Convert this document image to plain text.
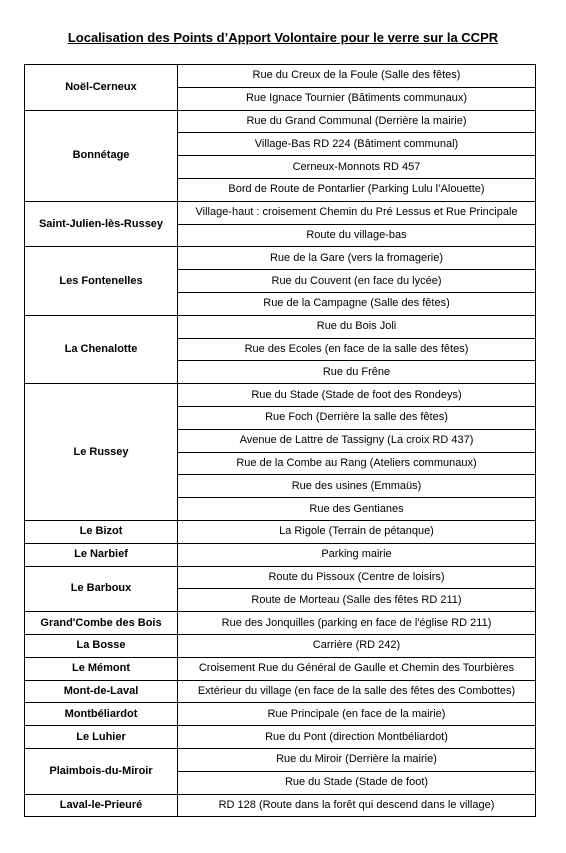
Localisation des Points d’Apport Volontaire pour le verre sur la CCPR
Noël-Cerneux	Rue du Creux de la Foule (Salle des fêtes)
	Rue Ignace Tournier (Bâtiments communaux)
Bonnétage	Rue du Grand Communal (Derrière la mairie)
	Village-Bas RD 224 (Bâtiment communal)
	Cerneux-Monnots RD 457
	Bord de Route de Pontarlier (Parking Lulu l’Alouette)
Saint-Julien-lès-Russey	Village-haut : croisement Chemin du Pré Lessus et Rue Principale
	Route du village-bas
Les Fontenelles	Rue de la Gare (vers la fromagerie)
	Rue du Couvent (en face du lycée)
	Rue de la Campagne (Salle des fêtes)
La Chenalotte	Rue du Bois Joli
	Rue des Ecoles (en face de la salle des fêtes)
	Rue du Frêne
Le Russey	Rue du Stade (Stade de foot des Rondeys)
	Rue Foch (Derrière la salle des fêtes)
	Avenue de Lattre de Tassigny (La croix RD 437)
	Rue de la Combe au Rang (Ateliers communaux)
	Rue des usines (Emmaüs)
	Rue des Gentianes
Le Bizot	La Rigole (Terrain de pétanque)
Le Narbief	Parking mairie
Le Barboux	Route du Pissoux (Centre de loisirs)
	Route de Morteau (Salle des fêtes RD 211)
Grand'Combe des Bois	Rue des Jonquilles (parking en face de l'église RD 211)
La Bosse	Carrière (RD 242)
Le Mémont	Croisement Rue du Général de Gaulle et Chemin des Tourbières
Mont-de-Laval	Extérieur du village (en face de la salle des fêtes des Combottes)
Montbéliardot	Rue Principale (en face de la mairie)
Le Luhier	Rue du Pont (direction Montbéliardot)
Plaimbois-du-Miroir	Rue du Miroir (Derrière la mairie)
	Rue du Stade (Stade de foot)
Laval-le-Prieuré	RD 128 (Route dans la forêt qui descend dans le village)
